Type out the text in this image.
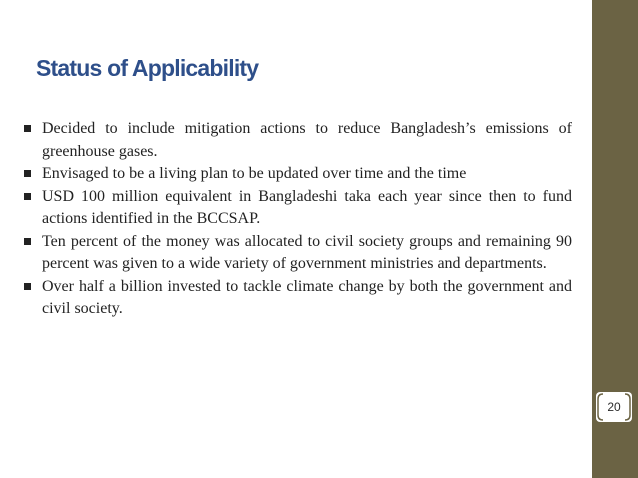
Status of Applicability
Decided to include mitigation actions to reduce Bangladesh’s emissions of greenhouse gases.
Envisaged to be a living plan to be updated over time and the time
USD 100 million equivalent in Bangladeshi taka each year since then to fund actions identified in the BCCSAP.
Ten percent of the money was allocated to civil society groups and remaining 90 percent was given to a wide variety of government ministries and departments.
Over half a billion invested to tackle climate change by both the government and civil society.
20
